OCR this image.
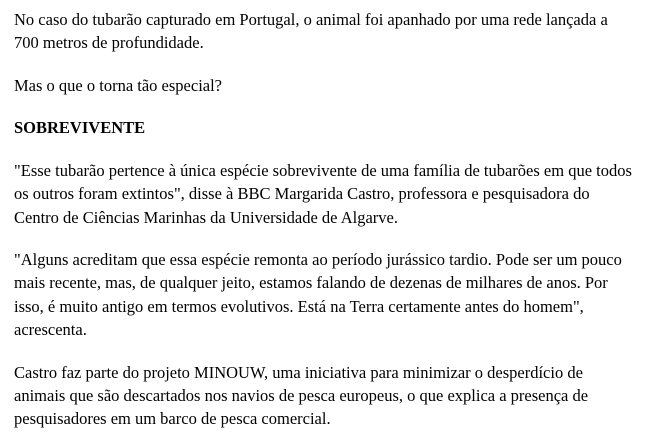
No caso do tubarão capturado em Portugal, o animal foi apanhado por uma rede lançada a 700 metros de profundidade.

Mas o que o torna tão especial?

SOBREVIVENTE

"Esse tubarão pertence à única espécie sobrevivente de uma família de tubarões em que todos os outros foram extintos", disse à BBC Margarida Castro, professora e pesquisadora do Centro de Ciências Marinhas da Universidade de Algarve.

"Alguns acreditam que essa espécie remonta ao período jurássico tardio. Pode ser um pouco mais recente, mas, de qualquer jeito, estamos falando de dezenas de milhares de anos. Por isso, é muito antigo em termos evolutivos. Está na Terra certamente antes do homem", acrescenta.

Castro faz parte do projeto MINOUW, uma iniciativa para minimizar o desperdício de animais que são descartados nos navios de pesca europeus, o que explica a presença de pesquisadores em um barco de pesca comercial.
